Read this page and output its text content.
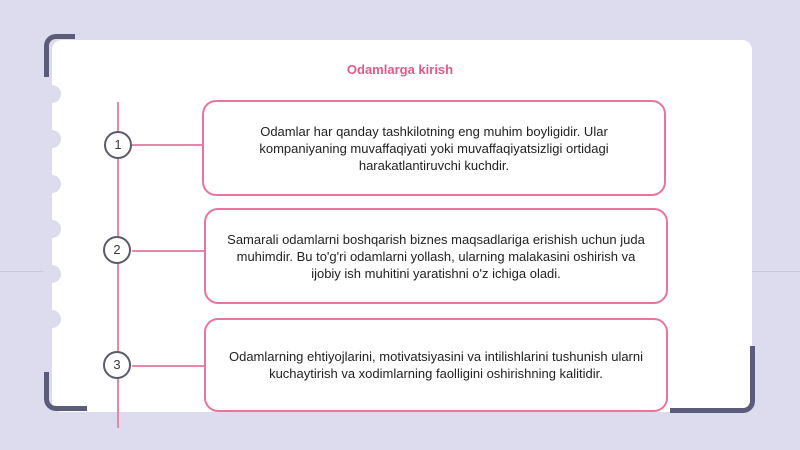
Odamlarga kirish
1
2
3
Odamlar har qanday tashkilotning eng muhim boyligidir. Ular kompaniyaning muvaffaqiyati yoki muvaffaqiyatsizligi ortidagi harakatlantiruvchi kuchdir.
Samarali odamlarni boshqarish biznes maqsadlariga erishish uchun juda muhimdir. Bu to'g'ri odamlarni yollash, ularning malakasini oshirish va ijobiy ish muhitini yaratishni o'z ichiga oladi.
Odamlarning ehtiyojlarini, motivatsiyasini va intilishlarini tushunish ularni kuchaytirish va xodimlarning faolligini oshirishning kalitidir.
